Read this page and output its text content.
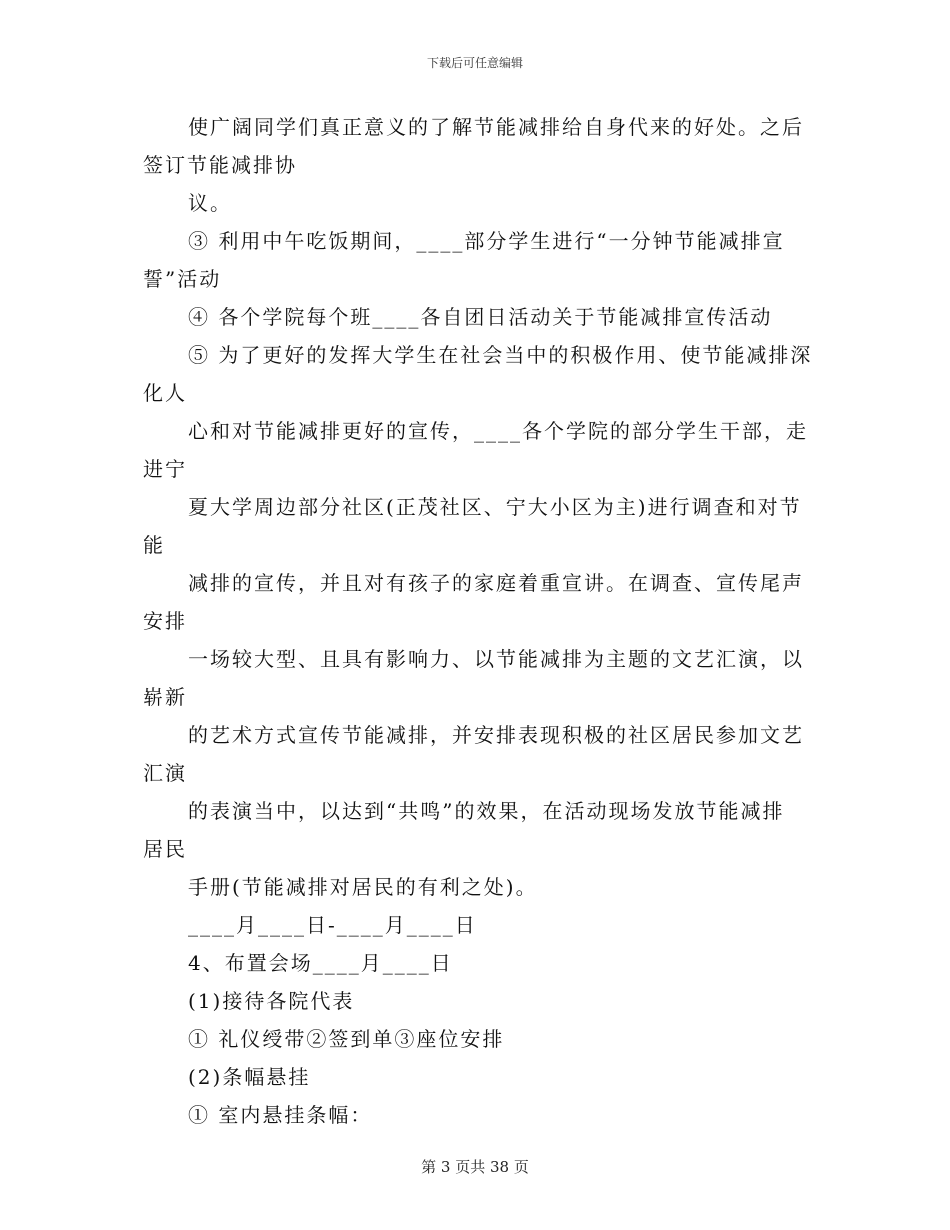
下载后可任意编辑
使广阔同学们真正意义的了解节能减排给自身代来的好处。之后
签订节能减排协
议。
③ 利用中午吃饭期间，____部分学生进行“一分钟节能减排宣
誓”活动
④ 各个学院每个班____各自团日活动关于节能减排宣传活动
⑤ 为了更好的发挥大学生在社会当中的积极作用、使节能减排深
化人
心和对节能减排更好的宣传，____各个学院的部分学生干部，走
进宁
夏大学周边部分社区(正茂社区、宁大小区为主)进行调查和对节
能
减排的宣传，并且对有孩子的家庭着重宣讲。在调查、宣传尾声
安排
一场较大型、且具有影响力、以节能减排为主题的文艺汇演，以
崭新
的艺术方式宣传节能减排，并安排表现积极的社区居民参加文艺
汇演
的表演当中，以达到“共鸣”的效果，在活动现场发放节能减排
居民
手册(节能减排对居民的有利之处)。
____月____日-____月____日
4、布置会场____月____日
(1)接待各院代表
① 礼仪绶带②签到单③座位安排
(2)条幅悬挂
① 室内悬挂条幅：
第 3 页共 38 页
